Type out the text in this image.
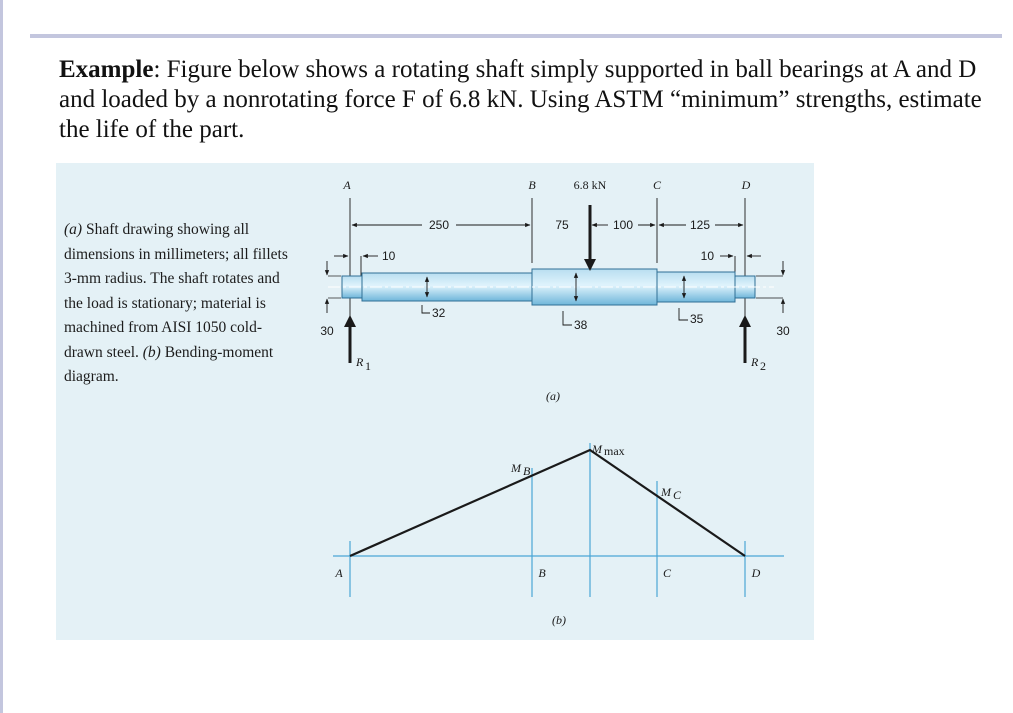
Example: Figure below shows a rotating shaft simply supported in ball bearings at A and D and loaded by a nonrotating force F of 6.8 kN. Using ASTM “minimum” strengths, estimate the life of the part.

(a) Shaft drawing showing all dimensions in millimeters; all fillets 3-mm radius. The shaft rotates and the load is stationary; material is machined from AISI 1050 cold-drawn steel. (b) Bending-moment diagram.

A	B	C	D
6.8 kN
250	75	100	125
10	10
32
38	35
30	30
R 1	R 2
(a)
M B
M max
M C
A	B	C	D
(b)
